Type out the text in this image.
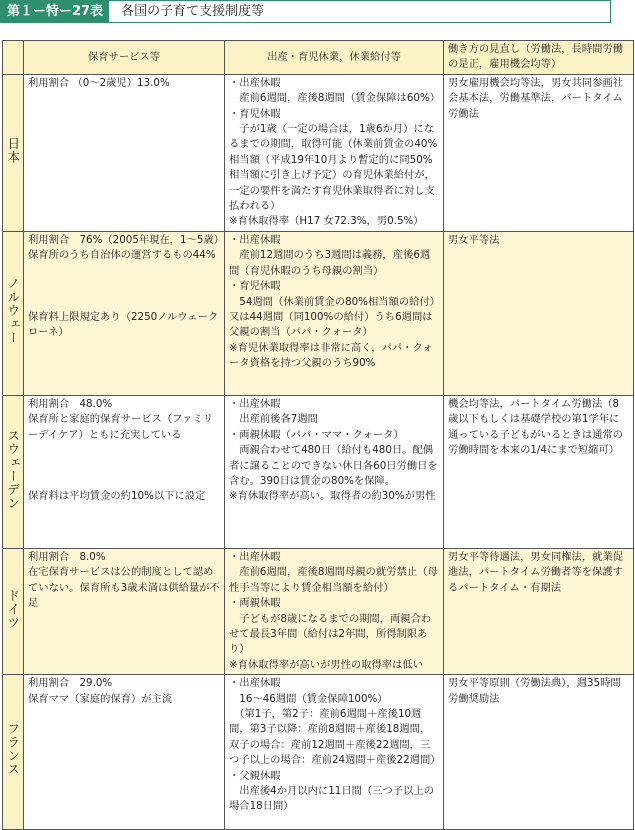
第１ー特ー27表	各国の子育て支援制度等
	保育サービス等	出産・育児休業，休業給付等	働き方の見直し（労働法，長時間労働の是正，雇用機会均等）
日本	利用割合 （0〜2歳児）13.0%	・出産休暇
　産前6週間，産後8週間（賃金保障は60%）
・育児休暇
　子が1歳（一定の場合は，1歳6か月）になるまでの期間，取得可能（休業前賃金の40%相当額（平成19年10月より暫定的に同50%相当額に引き上げ予定）の育児休業給付が，一定の要件を満たす育児休業取得者に対し支払われる）
※育休取得率（H17 女72.3%，男0.5%）	男女雇用機会均等法，男女共同参画社会基本法，労働基準法，パートタイム労働法

ノルウェー	利用割合　76%（2005年現在，1〜5歳）
保育所のうち自治体の運営するもの44%
保育料上限規定あり（2250ノルウェークローネ）	・出産休暇
　産前12週間のうち3週間は義務，産後6週間（育児休暇のうち母親の割当）
・育児休暇
　54週間（休業前賃金の80%相当額の給付）又は44週間（同100%の給付）うち6週間は父親の割当（パパ・クォータ）
※育児休業取得率は非常に高く，パパ・クォータ資格を持つ父親のうち90%	男女平等法

スウェーデン	利用割合　48.0%
保育所と家庭的保育サービス（ファミリーデイケア）ともに充実している
保育料は平均賃金の約10%以下に設定	・出産休暇
　出産前後各7週間
・両親休暇（パパ・ママ・クォータ）
　両親合わせて480日（給付も480日。配偶者に譲ることのできない休日各60日労働日を含む。390日は賃金の80%を保障。
※育休取得率が高い。取得者の約30%が男性	機会均等法，パートタイム労働法（8歳以下もしくは基礎学校の第1学年に通っている子どもがいるときは通常の労働時間を本来の1/4にまで短縮可）

ドイツ	利用割合　8.0%
在宅保育サービスは公的制度として認めていない。保育所も3歳未満は供給量が不足	・出産休暇
　産前6週間，産後8週間母親の就労禁止（母性手当等により賃金相当額を給付）
・両親休暇
　子どもが8歳になるまでの期間，両親合わせて最長3年間（給付は2年間，所得制限あり）
※育休取得率が高いが男性の取得率は低い	男女平等待遇法，男女同権法，就業促進法，パートタイム労働者等を保護するパートタイム・有期法

フランス	利用割合　29.0%
保育ママ（家庭的保育）が主流	・出産休暇
　16〜46週間（賃金保障100%）
　（第1子，第2子：産前6週間＋産後10週間，第3子以降：産前8週間＋産後18週間，双子の場合：産前12週間＋産後22週間，三つ子以上の場合：産前24週間＋産後22週間）
・父親休暇
　出産後4か月以内に11日間（三つ子以上の場合18日間）	男女平等原則（労働法典），週35時間労働奨励法
